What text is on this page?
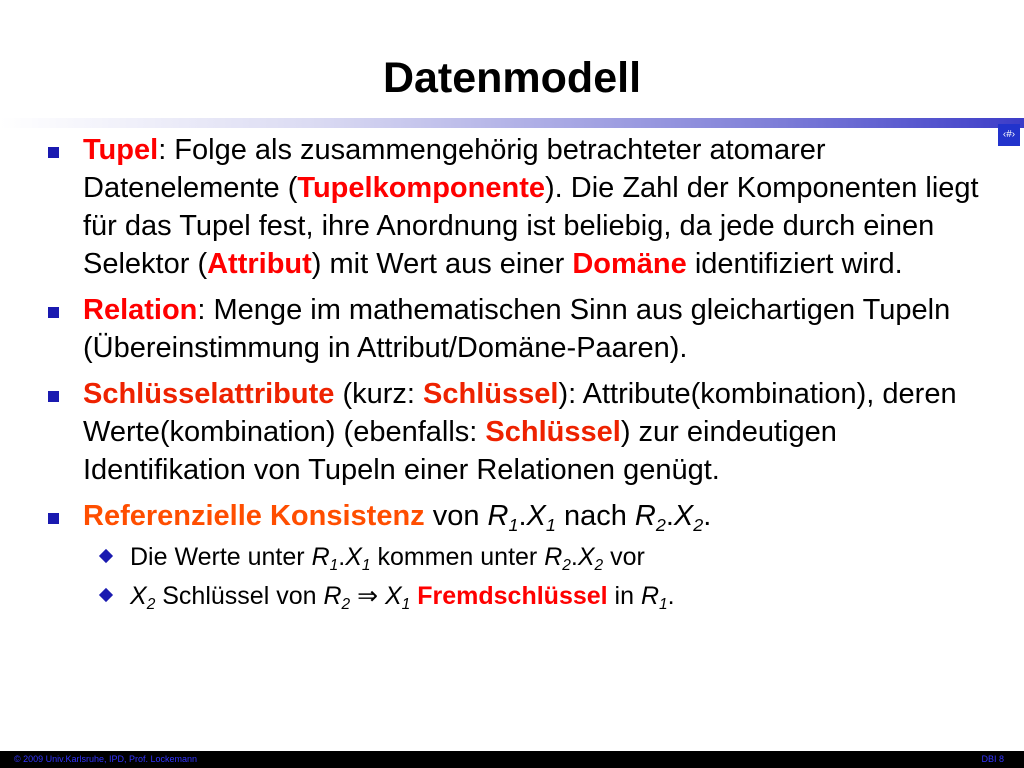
Datenmodell
‹#›
Tupel: Folge als zusammengehörig betrachteter atomarer Datenelemente (Tupelkomponente). Die Zahl der Komponenten liegt für das Tupel fest, ihre Anordnung ist beliebig, da jede durch einen Selektor (Attribut) mit Wert aus einer Domäne identifiziert wird.
Relation: Menge im mathematischen Sinn aus gleichartigen Tupeln (Übereinstimmung in Attribut/Domäne-Paaren).
Schlüsselattribute (kurz: Schlüssel): Attribute(kombination), deren Werte(kombination) (ebenfalls: Schlüssel) zur eindeutigen Identifikation von Tupeln einer Relationen genügt.
Referenzielle Konsistenz von $R_1.X_1$ nach $R_2.X_2$.
Die Werte unter $R_1.X_1$ kommen unter $R_2.X_2$ vor
$X_2$ Schlüssel von $R_2$ ⇒ $X_1$ Fremdschlüssel in $R_1$.
© 2009 Univ.Karlsruhe, IPD, Prof. Lockemann	DBI 8
